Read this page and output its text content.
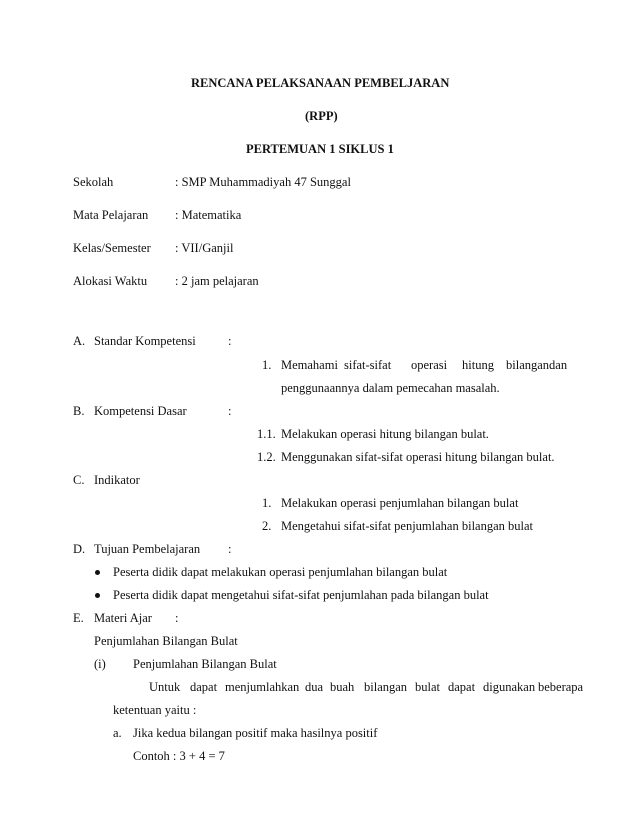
RENCANA PELAKSANAAN PEMBELJARAN
(RPP)
PERTEMUAN 1 SIKLUS 1
Sekolah	: SMP Muhammadiyah 47 Sunggal
Mata Pelajaran : Matematika
Kelas/Semester : VII/Ganjil
Alokasi Waktu : 2 jam pelajaran
A. Standar Kompetensi	:
1. Memahami sifat-sifat operasi hitung bilangandan
penggunaannya dalam pemecahan masalah.
B. Kompetensi Dasar	:
1.1. Melakukan operasi hitung bilangan bulat.
1.2. Menggunakan sifat-sifat operasi hitung bilangan bulat.
C. Indikator
1. Melakukan operasi penjumlahan bilangan bulat
2. Mengetahui sifat-sifat penjumlahan bilangan bulat
D. Tujuan Pembelajaran :
Peserta didik dapat melakukan operasi penjumlahan bilangan bulat
Peserta didik dapat mengetahui sifat-sifat penjumlahan pada bilangan bulat
E. Materi Ajar :
Penjumlahan Bilangan Bulat
(i) Penjumlahan Bilangan Bulat
Untuk dapat menjumlahkan dua buah bilangan bulat dapat digunakan beberapa
ketentuan yaitu :
a. Jika kedua bilangan positif maka hasilnya positif
Contoh : 3 + 4 = 7
